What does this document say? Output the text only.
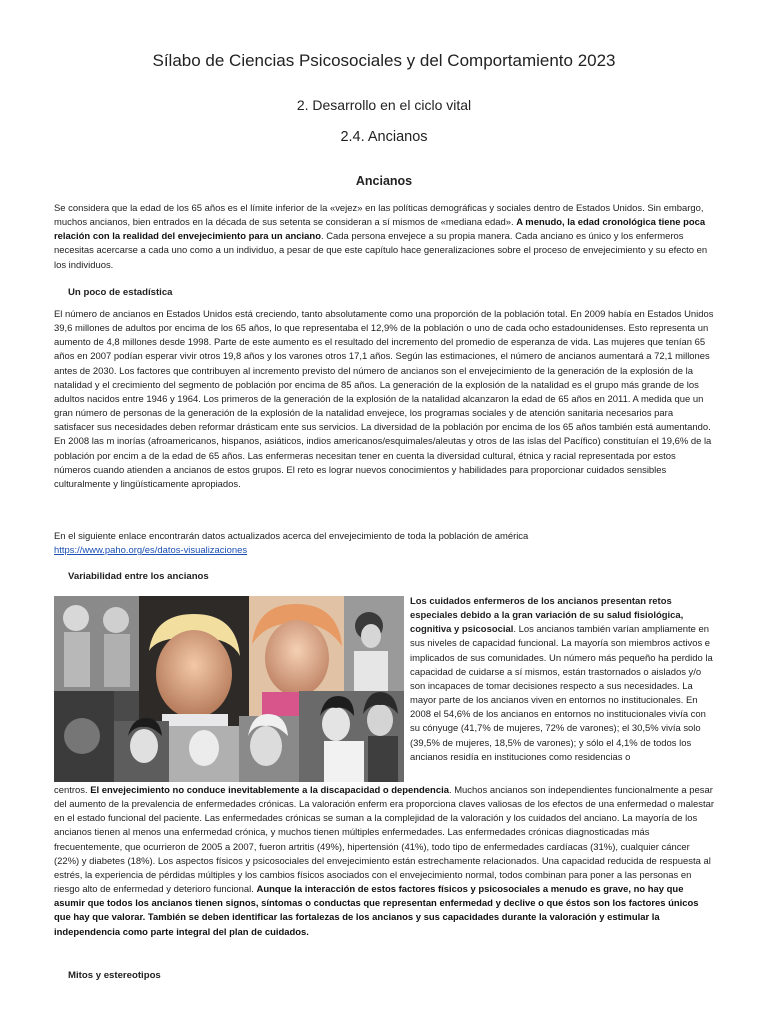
Sílabo de Ciencias Psicosociales y del Comportamiento 2023
2. Desarrollo en el ciclo vital
2.4. Ancianos
Ancianos
Se considera que la edad de los 65 años es el límite inferior de la «vejez» en las políticas demográficas y sociales dentro de Estados Unidos. Sin embargo, muchos ancianos, bien entrados en la década de sus setenta se consideran a sí mismos de «mediana edad». A menudo, la edad cronológica tiene poca relación con la realidad del envejecimiento para un anciano. Cada persona envejece a su propia manera. Cada anciano es único y los enfermeros necesitas acercarse a cada uno como a un individuo, a pesar de que este capítulo hace generalizaciones sobre el proceso de envejecimiento y su efecto en los individuos.
Un poco de estadística
El número de ancianos en Estados Unidos está creciendo, tanto absolutamente como una proporción de la población total. En 2009 había en Estados Unidos 39,6 millones de adultos por encima de los 65 años, lo que representaba el 12,9% de la población o uno de cada ocho estadounidenses. Esto representa un aumento de 4,8 millones desde 1998. Parte de este aumento es el resultado del incremento del promedio de esperanza de vida. Las mujeres que tenían 65 años en 2007 podían esperar vivir otros 19,8 años y los varones otros 17,1 años. Según las estimaciones, el número de ancianos aumentará a 72,1 millones antes de 2030. Los factores que contribuyen al incremento previsto del número de ancianos son el envejecimiento de la generación de la explosión de la natalidad y el crecimiento del segmento de población por encima de 85 años. La generación de la explosión de la natalidad es el grupo más grande de los adultos nacidos entre 1946 y 1964. Los primeros de la generación de la explosión de la natalidad alcanzaron la edad de 65 años en 2011. A medida que un gran número de personas de la generación de la explosión de la natalidad envejece, los programas sociales y de atención sanitaria necesarios para satisfacer sus necesidades deben reformar drásticam ente sus servicios. La diversidad de la población por encima de los 65 años también está aumentando. En 2008 las m inorías (afroamericanos, hispanos, asiáticos, indios americanos/esquimales/aleutas y otros de las islas del Pacífico) constituían el 19,6% de la población por encim a de la edad de 65 años. Las enfermeras necesitan tener en cuenta la diversidad cultural, étnica y racial representada por estos números cuando atienden a ancianos de estos grupos. El reto es lograr nuevos conocimientos y habilidades para proporcionar cuidados sensibles culturalmente y lingüísticamente apropiados.
En el siguiente enlace encontrarán datos actualizados acerca del envejecimiento de toda la población de américa https://www.paho.org/es/datos-visualizaciones
Variabilidad entre los ancianos
Los cuidados enfermeros de los ancianos presentan retos especiales debido a la gran variación de su salud fisiológica, cognitiva y psicosocial. Los ancianos también varían ampliamente en sus niveles de capacidad funcional. La mayoría son miembros activos e implicados de sus comunidades. Un número más pequeño ha perdido la capacidad de cuidarse a sí mismos, están trastornados o aislados y/o son incapaces de tomar decisiones respecto a sus necesidades. La mayor parte de los ancianos viven en entornos no institucionales. En 2008 el 54,6% de los ancianos en entornos no institucionales vivía con su cónyuge (41,7% de mujeres, 72% de varones); el 30,5% vivía solo (39,5% de mujeres, 18,5% de varones); y sólo el 4,1% de todos los ancianos residía en instituciones como residencias o
centros. El envejecimiento no conduce inevitablemente a la discapacidad o dependencia. Muchos ancianos son independientes funcionalmente a pesar del aumento de la prevalencia de enfermedades crónicas. La valoración enferm era proporciona claves valiosas de los efectos de una enfermedad o malestar en el estado funcional del paciente. Las enfermedades crónicas se suman a la complejidad de la valoración y los cuidados del anciano. La mayoría de los ancianos tienen al menos una enfermedad crónica, y muchos tienen múltiples enfermedades. Las enfermedades crónicas diagnosticadas más frecuentemente, que ocurrieron de 2005 a 2007, fueron artritis (49%), hipertensión (41%), todo tipo de enfermedades cardíacas (31%), cualquier cáncer (22%) y diabetes (18%). Los aspectos físicos y psicosociales del envejecimiento están estrechamente relacionados. Una capacidad reducida de respuesta al estrés, la experiencia de pérdidas múltiples y los cambios físicos asociados con el envejecimiento normal, todos combinan para poner a las personas en riesgo alto de enfermedad y deterioro funcional. Aunque la interacción de estos factores físicos y psicosociales a menudo es grave, no hay que asumir que todos los ancianos tienen signos, síntomas o conductas que representan enfermedad y declive o que éstos son los factores únicos que hay que valorar. También se deben identificar las fortalezas de los ancianos y sus capacidades durante la valoración y estimular la independencia como parte integral del plan de cuidados.
Mitos y estereotipos
